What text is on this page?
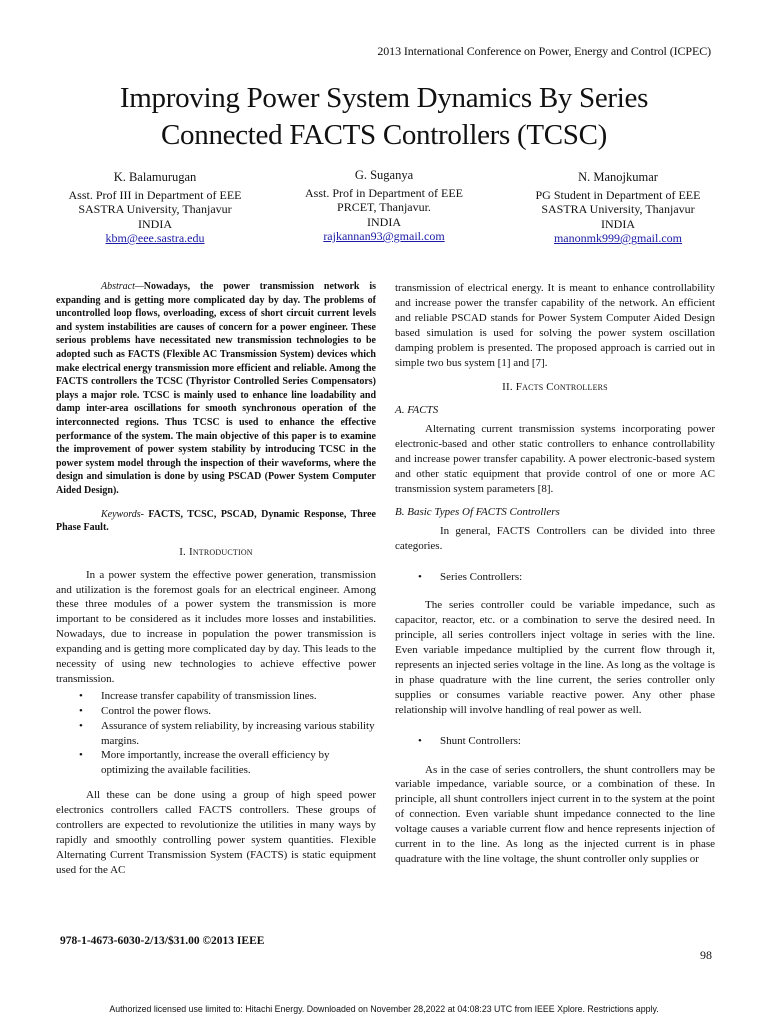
2013 International Conference on Power, Energy and Control (ICPEC)
Improving Power System Dynamics By Series
Connected FACTS Controllers (TCSC)
K. Balamurugan
Asst. Prof III in Department of EEE
SASTRA University, Thanjavur
INDIA
kbm@eee.sastra.edu
G. Suganya
Asst. Prof in Department of EEE
PRCET, Thanjavur.
INDIA
rajkannan93@gmail.com
N. Manojkumar
PG Student in Department of EEE
SASTRA University, Thanjavur
INDIA
manonmk999@gmail.com

Abstract—Nowadays, the power transmission network is expanding and is getting more complicated day by day. The problems of uncontrolled loop flows, overloading, excess of short circuit current levels and system instabilities are causes of concern for a power engineer. These serious problems have necessitated new transmission technologies to be adopted such as FACTS (Flexible AC Transmission System) devices which make electrical energy transmission more efficient and reliable. Among the FACTS controllers the TCSC (Thyristor Controlled Series Compensators) plays a major role. TCSC is mainly used to enhance line loadability and damp inter-area oscillations for smooth synchronous operation of the interconnected regions. Thus TCSC is used to enhance the effective performance of the system. The main objective of this paper is to examine the improvement of power system stability by introducing TCSC in the power system model through the inspection of their waveforms, where the design and simulation is done by using PSCAD (Power System Computer Aided Design).

Keywords- FACTS, TCSC, PSCAD, Dynamic Response, Three Phase Fault.

I. Introduction

In a power system the effective power generation, transmission and utilization is the foremost goals for an electrical engineer. Among these three modules of a power system the transmission is more important to be considered as it includes more losses and instabilities. Nowadays, due to increase in population the power transmission is expanding and is getting more complicated day by day. This leads to the necessity of using new technologies to achieve effective power transmission.

• Increase transfer capability of transmission lines.
• Control the power flows.
• Assurance of system reliability, by increasing various stability margins.
• More importantly, increase the overall efficiency by optimizing the available facilities.

All these can be done using a group of high speed power electronics controllers called FACTS controllers. These groups of controllers are expected to revolutionize the utilities in many ways by rapidly and smoothly controlling power system quantities. Flexible Alternating Current Transmission System (FACTS) is static equipment used for the AC

transmission of electrical energy. It is meant to enhance controllability and increase power the transfer capability of the network. An efficient and reliable PSCAD stands for Power System Computer Aided Design based simulation is used for solving the power system oscillation damping problem is presented. The proposed approach is carried out in simple two bus system [1] and [7].

II. Facts Controllers

A. FACTS

Alternating current transmission systems incorporating power electronic-based and other static controllers to enhance controllability and increase power transfer capability. A power electronic-based system and other static equipment that provide control of one or more AC transmission system parameters [8].

B. Basic Types Of FACTS Controllers

In general, FACTS Controllers can be divided into three categories.

• Series Controllers:

The series controller could be variable impedance, such as capacitor, reactor, etc. or a combination to serve the desired need. In principle, all series controllers inject voltage in series with the line. Even variable impedance multiplied by the current flow through it, represents an injected series voltage in the line. As long as the voltage is in phase quadrature with the line current, the series controller only supplies or consumes variable reactive power. Any other phase relationship will involve handling of real power as well.

• Shunt Controllers:

As in the case of series controllers, the shunt controllers may be variable impedance, variable source, or a combination of these. In principle, all shunt controllers inject current in to the system at the point of connection. Even variable shunt impedance connected to the line voltage causes a variable current flow and hence represents injection of current in to the line. As long as the injected current is in phase quadrature with the line voltage, the shunt controller only supplies or

978-1-4673-6030-2/13/$31.00 ©2013 IEEE
98
Authorized licensed use limited to: Hitachi Energy. Downloaded on November 28,2022 at 04:08:23 UTC from IEEE Xplore. Restrictions apply.
